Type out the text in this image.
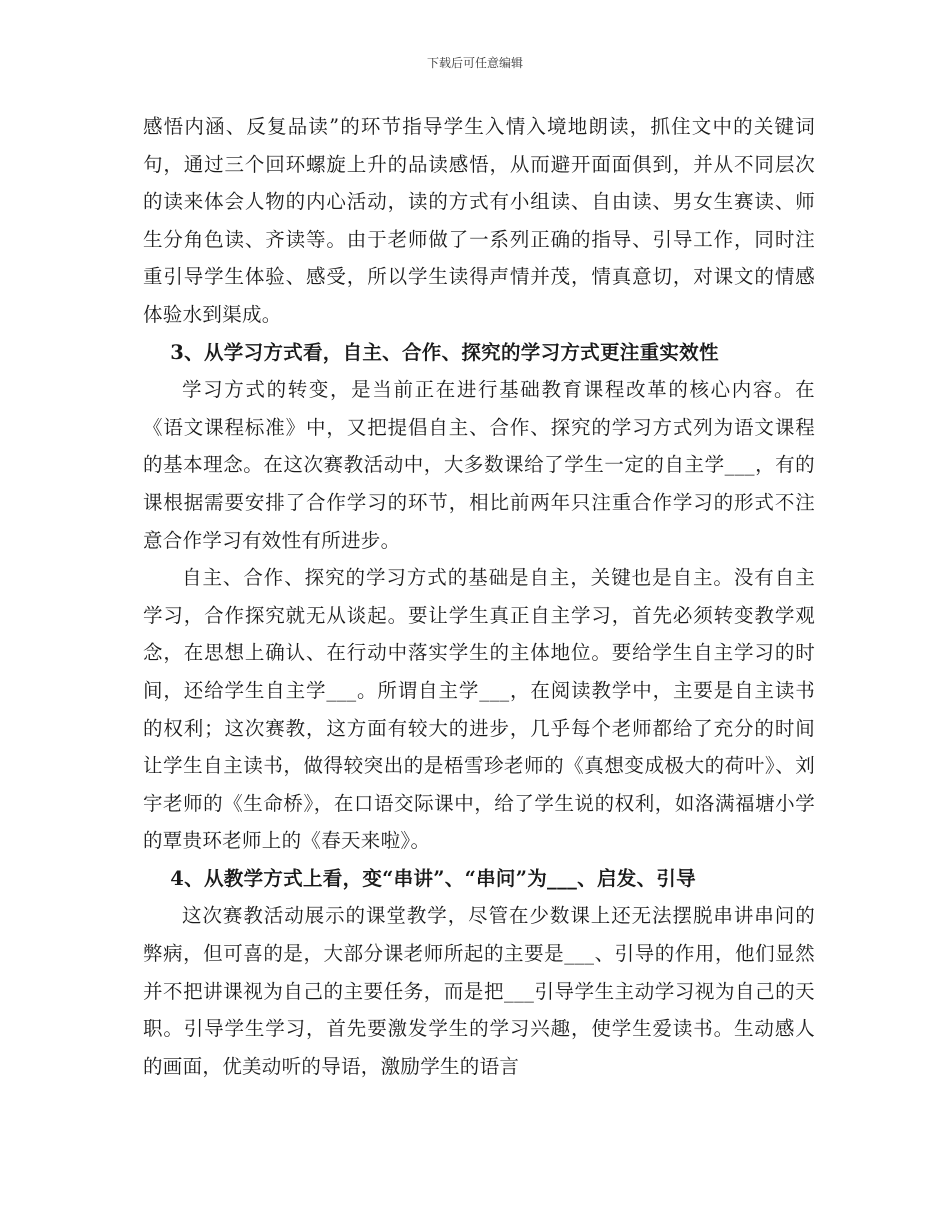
下载后可任意编辑

感悟内涵、反复品读”的环节指导学生入情入境地朗读，抓住文中的关键词句，通过三个回环螺旋上升的品读感悟，从而避开面面俱到，并从不同层次的读来体会人物的内心活动，读的方式有小组读、自由读、男女生赛读、师生分角色读、齐读等。由于老师做了一系列正确的指导、引导工作，同时注重引导学生体验、感受，所以学生读得声情并茂，情真意切，对课文的情感体验水到渠成。

3、从学习方式看，自主、合作、探究的学习方式更注重实效性

学习方式的转变，是当前正在进行基础教育课程改革的核心内容。在《语文课程标准》中，又把提倡自主、合作、探究的学习方式列为语文课程的基本理念。在这次赛教活动中，大多数课给了学生一定的自主学___，有的课根据需要安排了合作学习的环节，相比前两年只注重合作学习的形式不注意合作学习有效性有所进步。

自主、合作、探究的学习方式的基础是自主，关键也是自主。没有自主学习，合作探究就无从谈起。要让学生真正自主学习，首先必须转变教学观念，在思想上确认、在行动中落实学生的主体地位。要给学生自主学习的时间，还给学生自主学___。所谓自主学___，在阅读教学中，主要是自主读书的权利；这次赛教，这方面有较大的进步，几乎每个老师都给了充分的时间让学生自主读书，做得较突出的是梧雪珍老师的《真想变成极大的荷叶》、刘宇老师的《生命桥》，在口语交际课中，给了学生说的权利，如洛满福塘小学的覃贵环老师上的《春天来啦》。

4、从教学方式上看，变“串讲”、“串问”为___、启发、引导

这次赛教活动展示的课堂教学，尽管在少数课上还无法摆脱串讲串问的弊病，但可喜的是，大部分课老师所起的主要是___、引导的作用，他们显然并不把讲课视为自己的主要任务，而是把___引导学生主动学习视为自己的天职。引导学生学习，首先要激发学生的学习兴趣，使学生爱读书。生动感人的画面，优美动听的导语，激励学生的语言
